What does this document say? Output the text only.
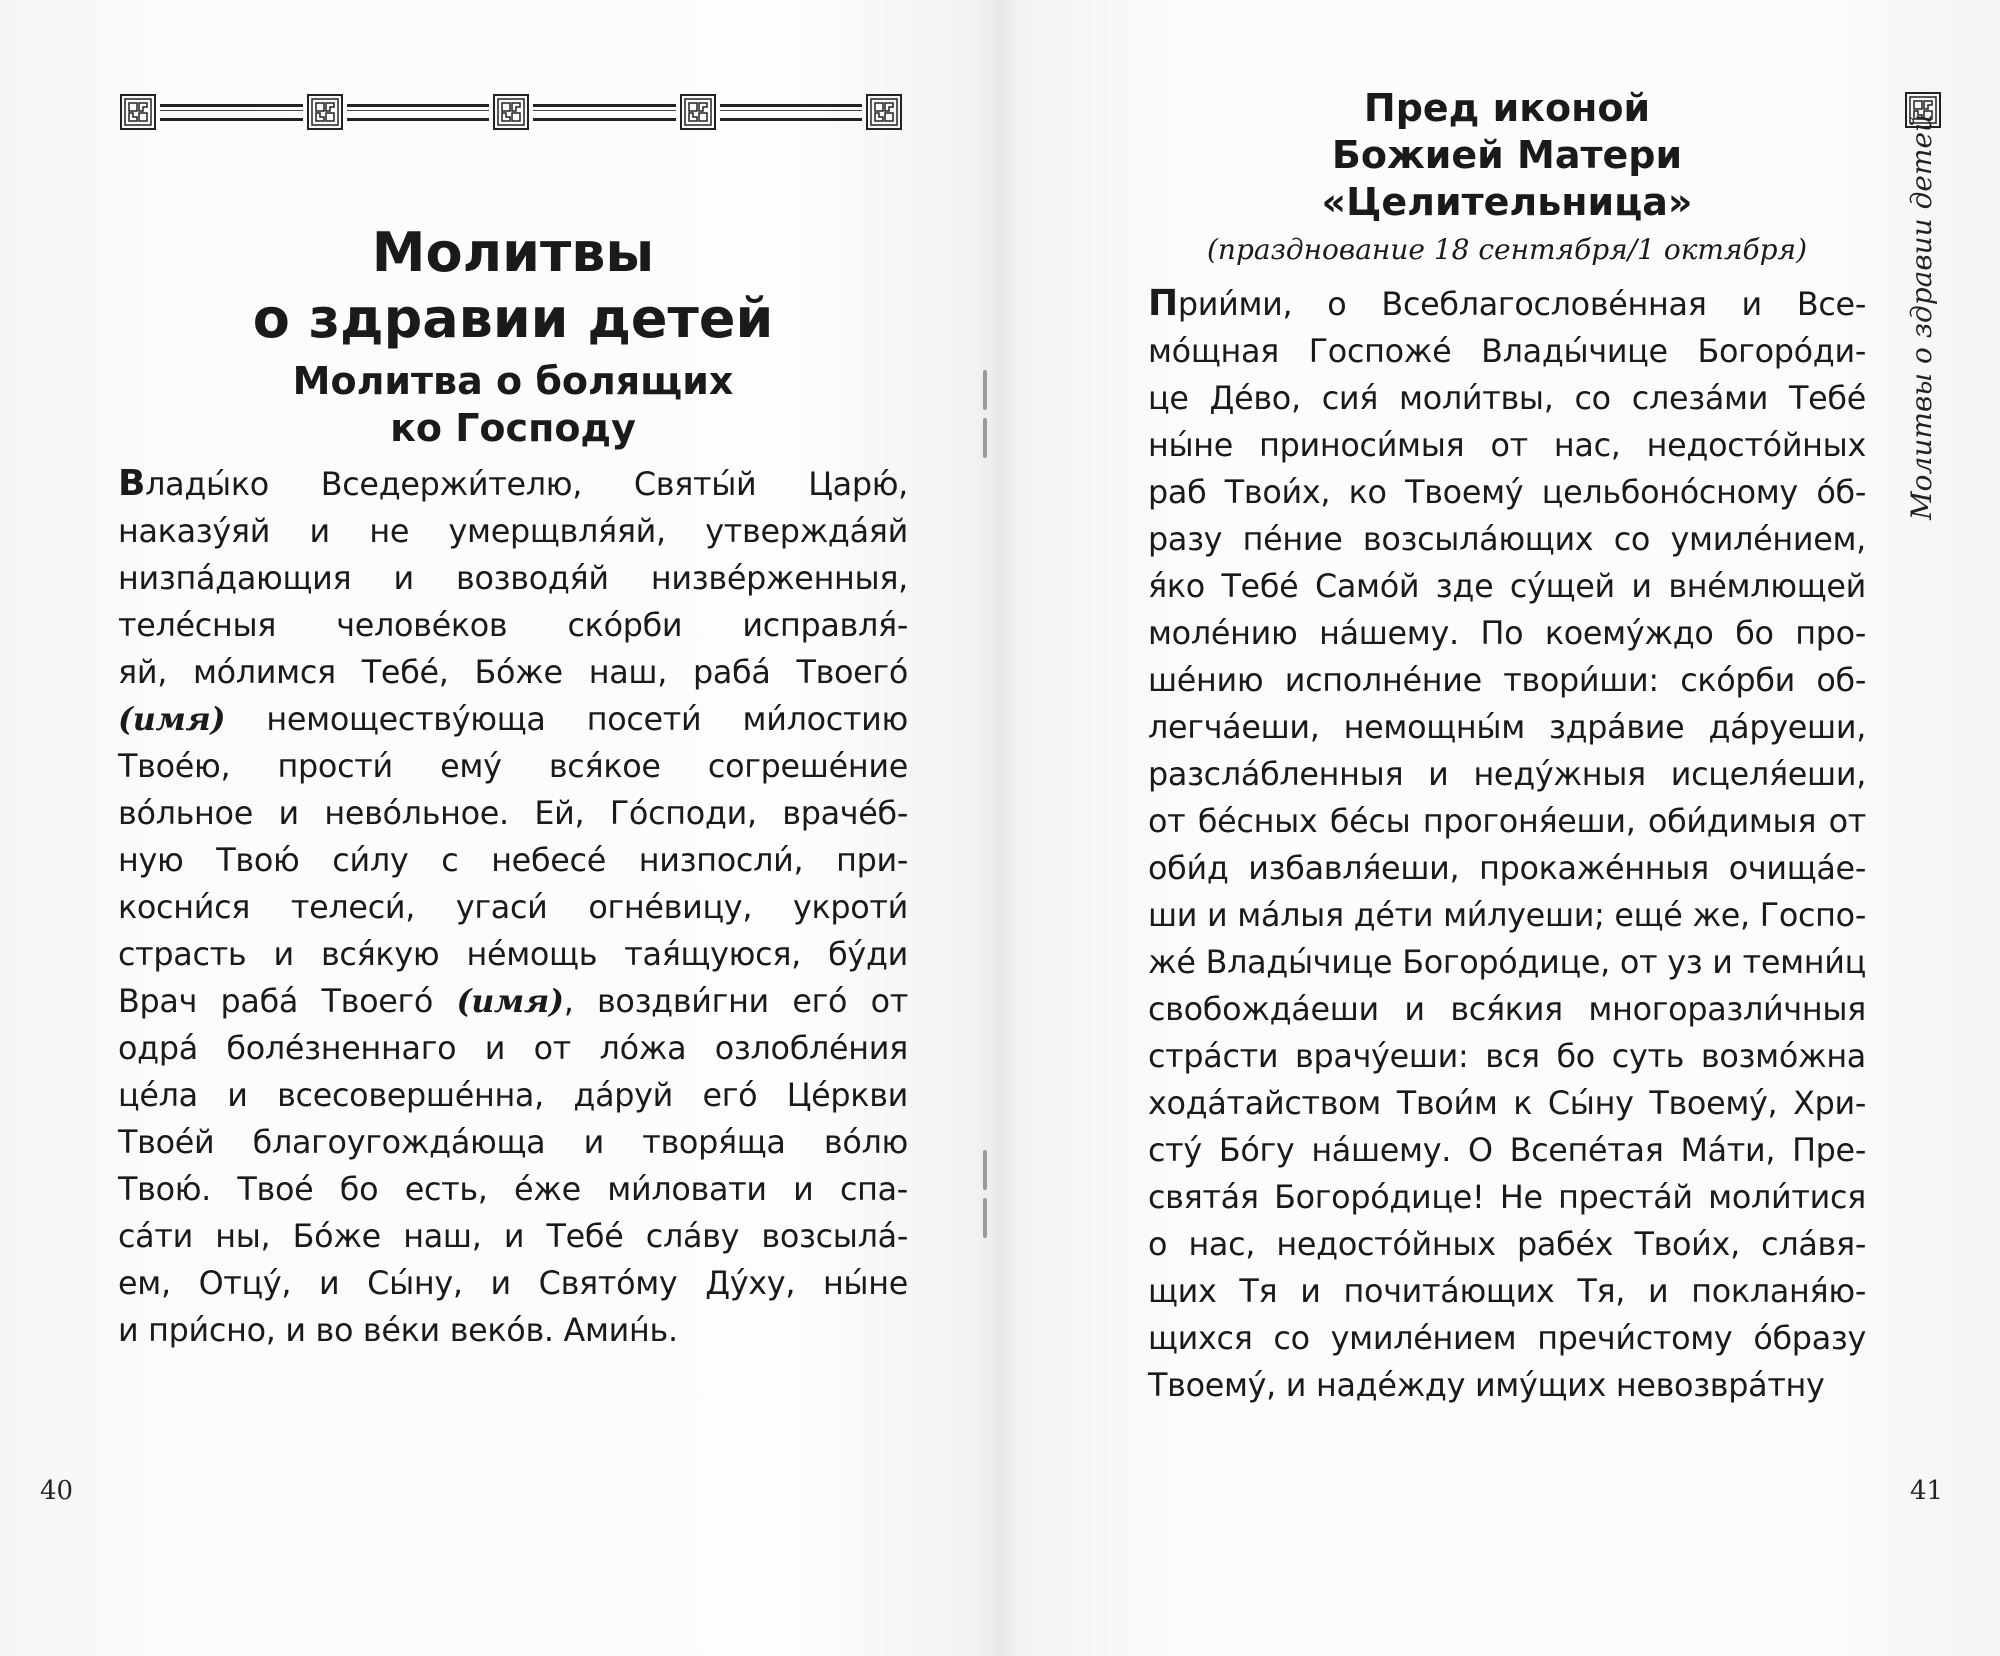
Молитвы
о здравии детей
Молитва о болящих
ко Господу
Влады́ко Вседержи́телю, Святы́й Царю́,
наказу́яй и не умерщвля́яй, утвержда́яй
низпа́дающия и возводя́й низве́рженныя,
теле́сныя челове́ков ско́рби исправля́-
яй, мо́лимся Тебе́, Бо́же наш, раба́ Твоего́
(имя) немоществу́юща посети́ ми́лостию
Твое́ю, прости́ ему́ вся́кое согреше́ние
во́льное и нево́льное. Ей, Го́споди, враче́б-
ную Твою́ си́лу с небесе́ низпосли́, при-
косни́ся телеси́, угаси́ огне́вицу, укроти́
страсть и вся́кую не́мощь тая́щуюся, бу́ди
Врач раба́ Твоего́ (имя), воздви́гни его́ от
одра́ боле́зненнаго и от ло́жа озлобле́ния
це́ла и всесоверше́нна, да́руй его́ Це́ркви
Твое́й благоугожда́юща и творя́ща во́лю
Твою́. Твое́ бо есть, е́же ми́ловати и спа-
са́ти ны, Бо́же наш, и Тебе́ сла́ву возсыла́-
ем, Отцу́, и Сы́ну, и Свято́му Ду́ху, ны́не
и при́сно, и во ве́ки веко́в. Амин́ь.
40
Пред иконой
Божией Матери
«Целительница»
(празднование 18 сентября/1 октября)
Прии́ми, о Всеблагослове́нная и Все-
мо́щная Госпоже́ Влады́чице Богоро́ди-
це Де́во, сия́ моли́твы, со слеза́ми Тебе́
ны́не приноси́мыя от нас, недосто́йных
раб Твои́х, ко Твоему́ цельбоно́сному о́б-
разу пе́ние возсыла́ющих со умиле́нием,
я́ко Тебе́ Само́й зде су́щей и вне́млющей
моле́нию на́шему. По коему́ждо бо про-
ше́нию исполне́ние твори́ши: ско́рби об-
легча́еши, немощны́м здра́вие да́руеши,
разсла́бленныя и неду́жныя исцеля́еши,
от бе́сных бе́сы прогоня́еши, оби́димыя от
оби́д избавля́еши, прокаже́нныя очища́е-
ши и ма́лыя де́ти ми́луеши; еще́ же, Госпо-
же́ Влады́чице Богоро́дице, от уз и темни́ц
свобожда́еши и вся́кия многоразли́чныя
стра́сти врачу́еши: вся бо суть возмо́жна
хода́тайством Твои́м к Сы́ну Твоему́, Хри-
сту́ Бо́гу на́шему. О Всепе́тая Ма́ти, Пре-
свята́я Богоро́дице! Не преста́й моли́тися
о нас, недосто́йных рабе́х Твои́х, сла́вя-
щих Тя и почита́ющих Тя, и покланя́ю-
щихся со умиле́нием пречи́стому о́бразу
Твоему́, и наде́жду иму́щих невозвра́тну
Молитвы о здравии детей
41
